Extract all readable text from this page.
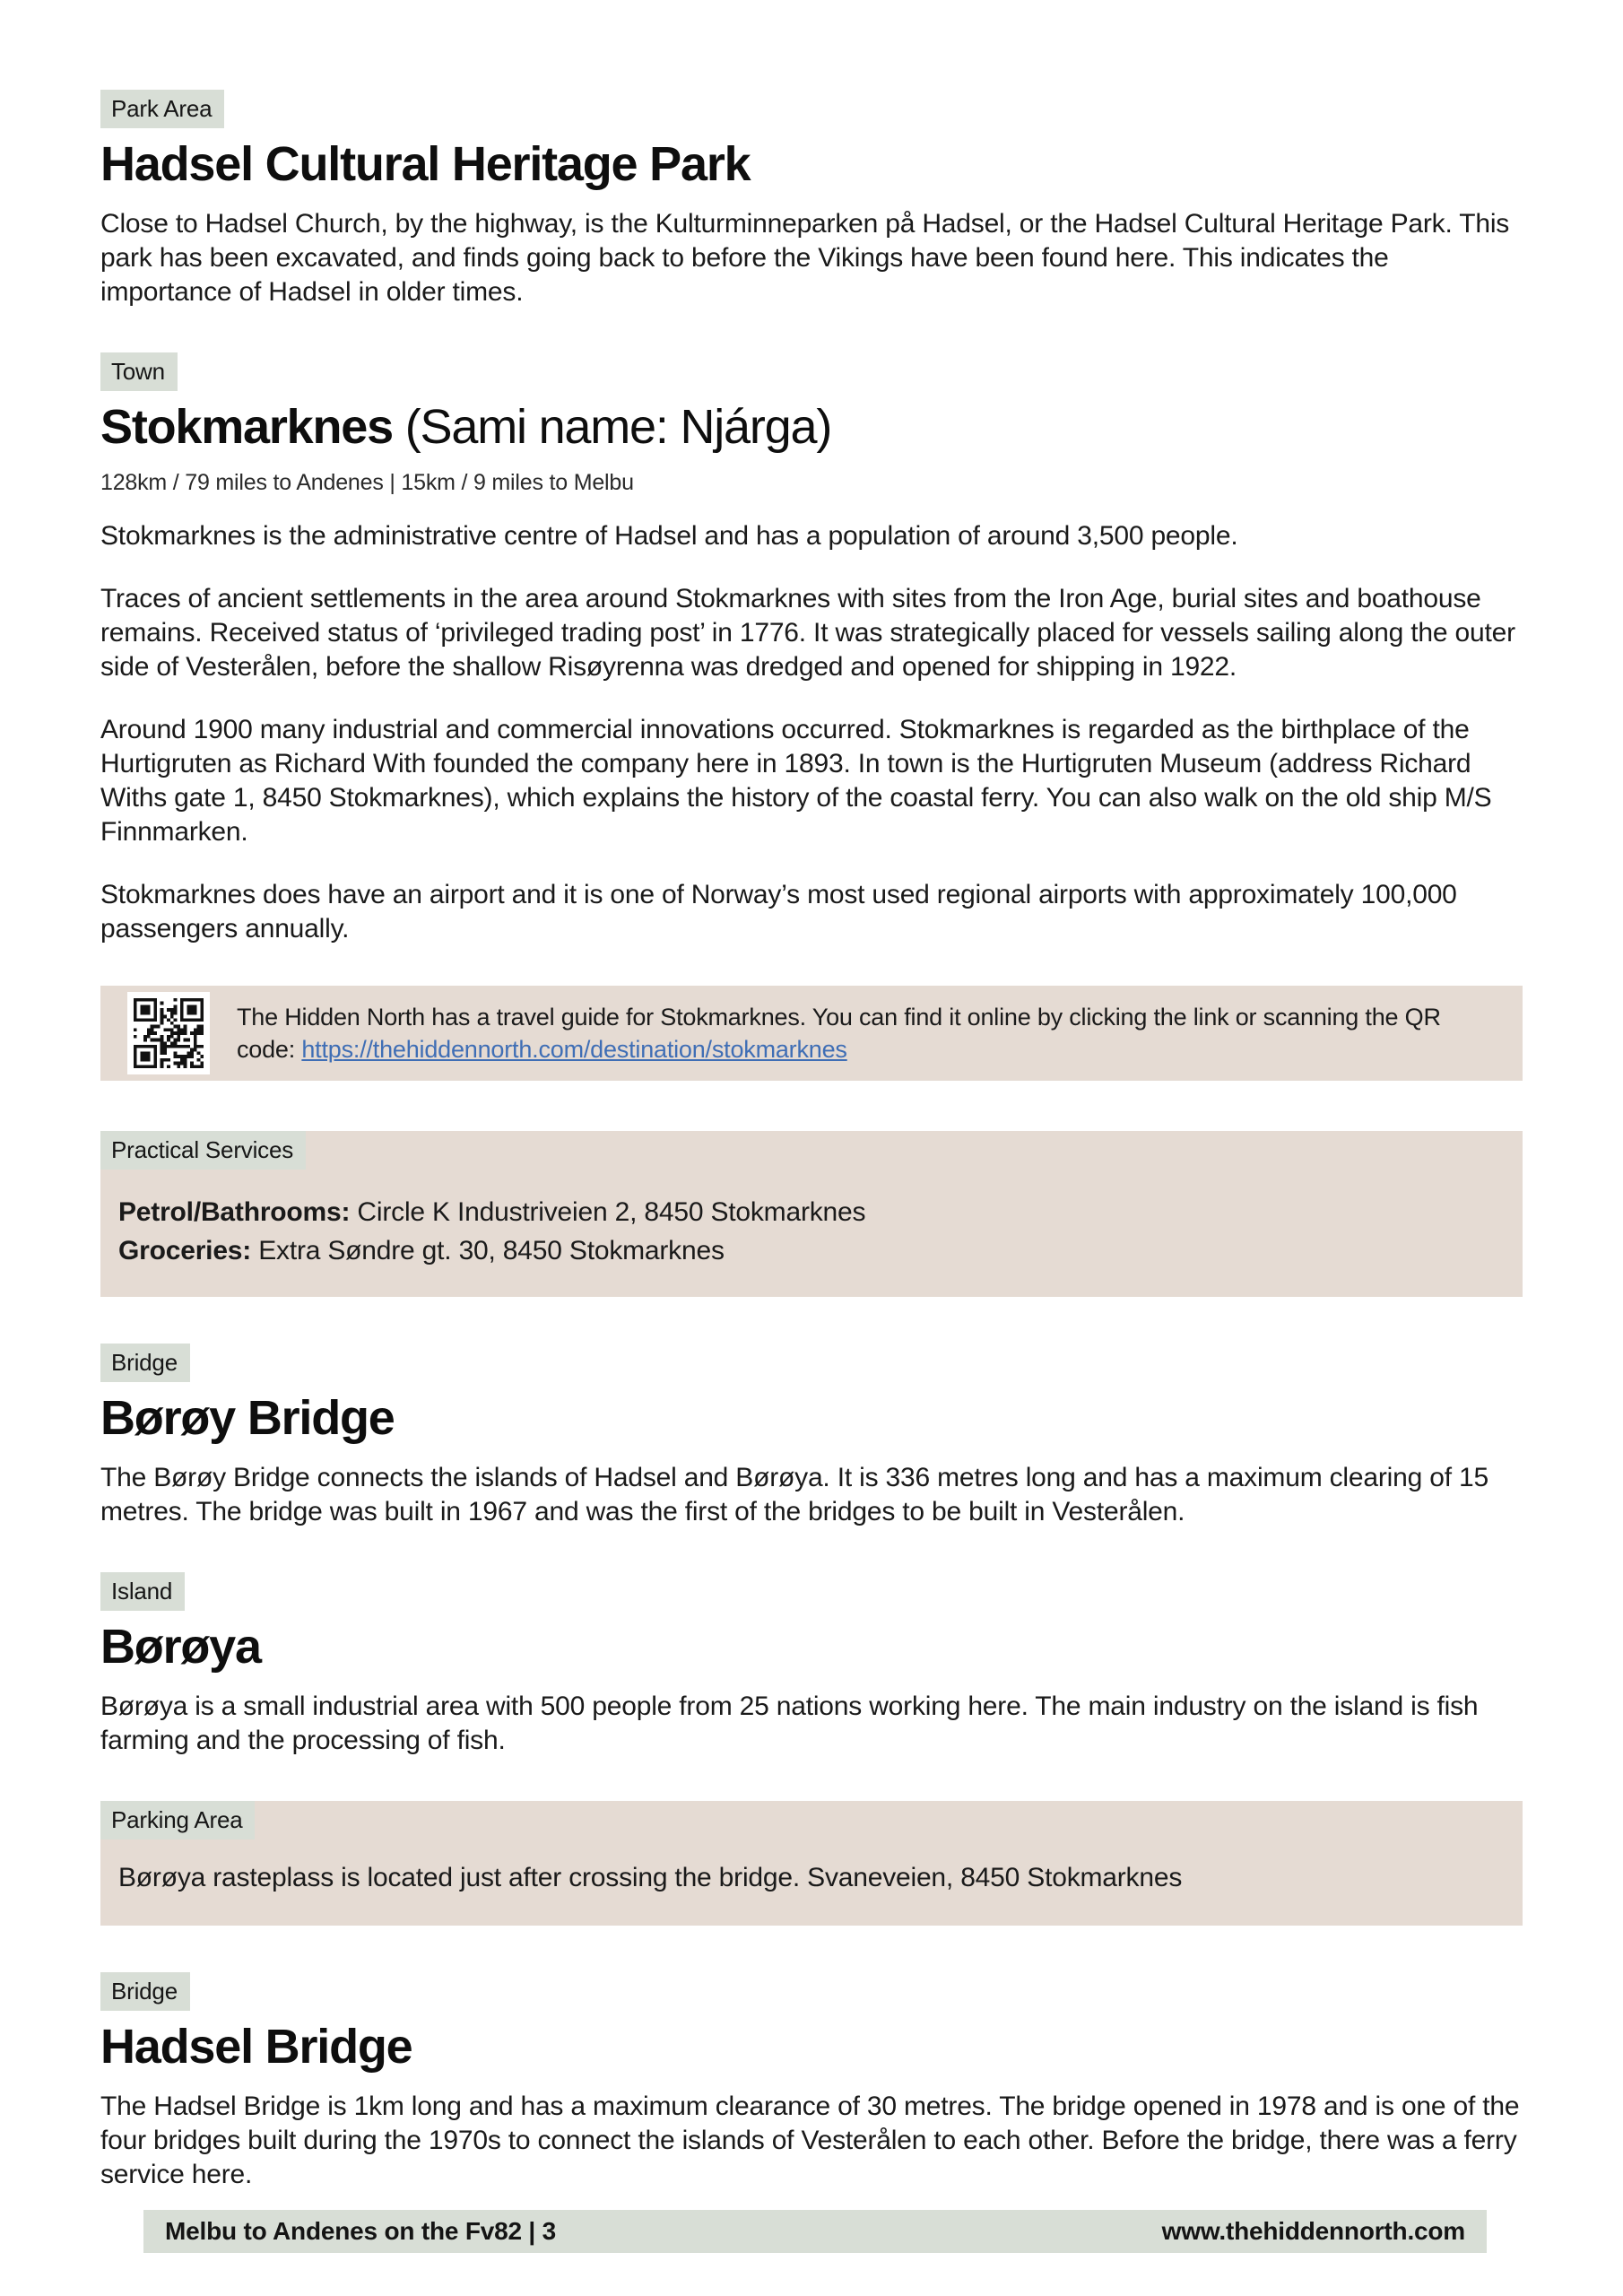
Park Area
Hadsel Cultural Heritage Park

Close to Hadsel Church, by the highway, is the Kulturminneparken på Hadsel, or the Hadsel Cultural Heritage Park. This park has been excavated, and finds going back to before the Vikings have been found here. This indicates the importance of Hadsel in older times.

Town
Stokmarknes (Sami name: Njárga)
128km / 79 miles to Andenes | 15km / 9 miles to Melbu

Stokmarknes is the administrative centre of Hadsel and has a population of around 3,500 people.

Traces of ancient settlements in the area around Stokmarknes with sites from the Iron Age, burial sites and boathouse remains. Received status of ‘privileged trading post’ in 1776. It was strategically placed for vessels sailing along the outer side of Vesterålen, before the shallow Risøyrenna was dredged and opened for shipping in 1922.

Around 1900 many industrial and commercial innovations occurred. Stokmarknes is regarded as the birthplace of the Hurtigruten as Richard With founded the company here in 1893. In town is the Hurtigruten Museum (address Richard Withs gate 1, 8450 Stokmarknes), which explains the history of the coastal ferry. You can also walk on the old ship M/S Finnmarken.

Stokmarknes does have an airport and it is one of Norway’s most used regional airports with approximately 100,000 passengers annually.

The Hidden North has a travel guide for Stokmarknes. You can find it online by clicking the link or scanning the QR code: https://thehiddennorth.com/destination/stokmarknes
Practical Services
Petrol/Bathrooms: Circle K Industriveien 2, 8450 Stokmarknes
Groceries: Extra Søndre gt. 30, 8450 Stokmarknes
Bridge
Børøy Bridge

The Børøy Bridge connects the islands of Hadsel and Børøya. It is 336 metres long and has a maximum clearing of 15 metres. The bridge was built in 1967 and was the first of the bridges to be built in Vesterålen.

Island
Børøya

Børøya is a small industrial area with 500 people from 25 nations working here. The main industry on the island is fish farming and the processing of fish.

Parking Area

Børøya rasteplass is located just after crossing the bridge. Svaneveien, 8450 Stokmarknes

Bridge
Hadsel Bridge

The Hadsel Bridge is 1km long and has a maximum clearance of 30 metres. The bridge opened in 1978 and is one of the four bridges built during the 1970s to connect the islands of Vesterålen to each other. Before the bridge, there was a ferry service here.

Melbu to Andenes on the Fv82 | 3	www.thehiddennorth.com
